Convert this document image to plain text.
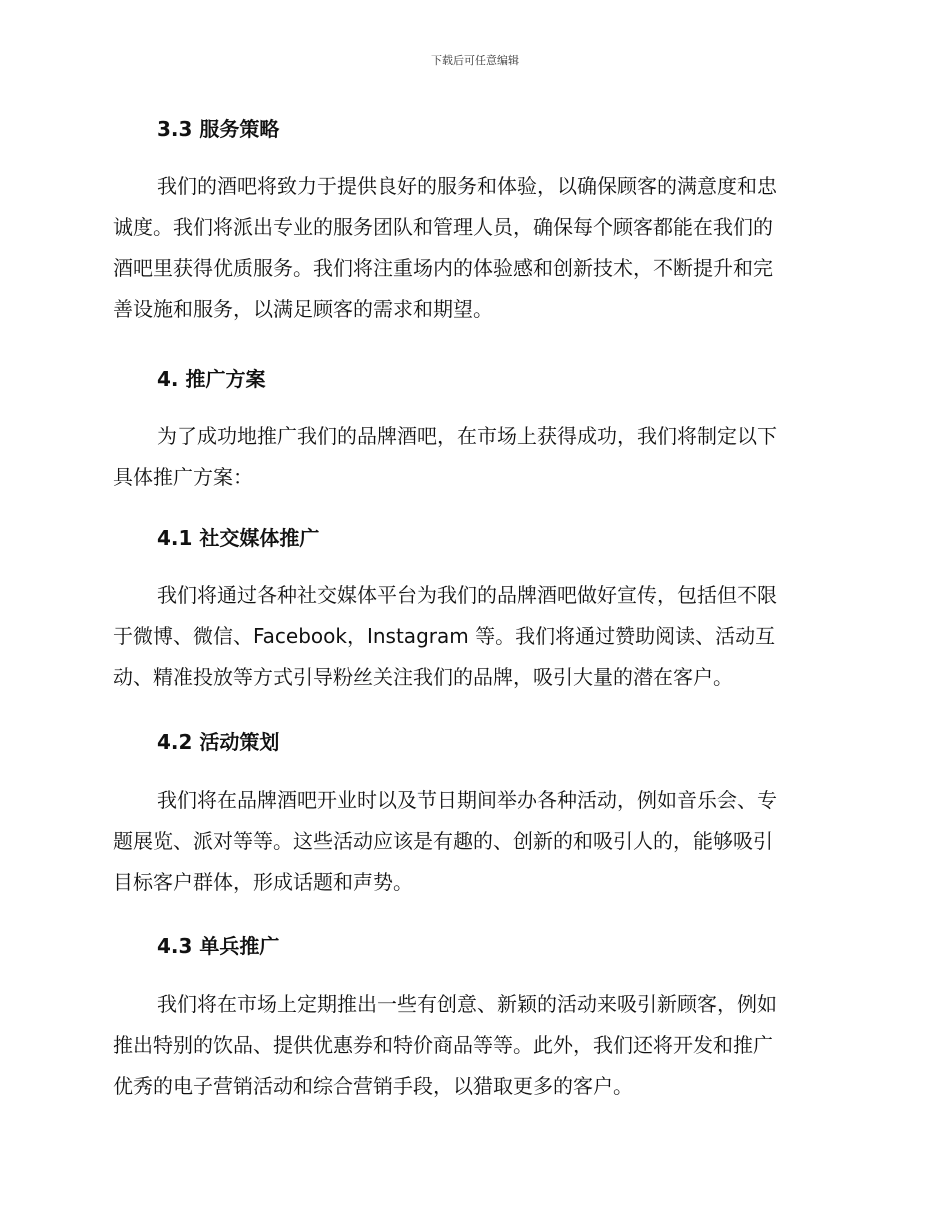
下载后可任意编辑
3.3 服务策略
我们的酒吧将致力于提供良好的服务和体验，以确保顾客的满意度和忠
诚度。我们将派出专业的服务团队和管理人员，确保每个顾客都能在我们的
酒吧里获得优质服务。我们将注重场内的体验感和创新技术，不断提升和完
善设施和服务，以满足顾客的需求和期望。
4. 推广方案
为了成功地推广我们的品牌酒吧，在市场上获得成功，我们将制定以下
具体推广方案：
4.1 社交媒体推广
我们将通过各种社交媒体平台为我们的品牌酒吧做好宣传，包括但不限
于微博、微信、Facebook，Instagram 等。我们将通过赞助阅读、活动互
动、精准投放等方式引导粉丝关注我们的品牌，吸引大量的潜在客户。
4.2 活动策划
我们将在品牌酒吧开业时以及节日期间举办各种活动，例如音乐会、专
题展览、派对等等。这些活动应该是有趣的、创新的和吸引人的，能够吸引
目标客户群体，形成话题和声势。
4.3 单兵推广
我们将在市场上定期推出一些有创意、新颖的活动来吸引新顾客，例如
推出特别的饮品、提供优惠券和特价商品等等。此外，我们还将开发和推广
优秀的电子营销活动和综合营销手段，以猎取更多的客户。
